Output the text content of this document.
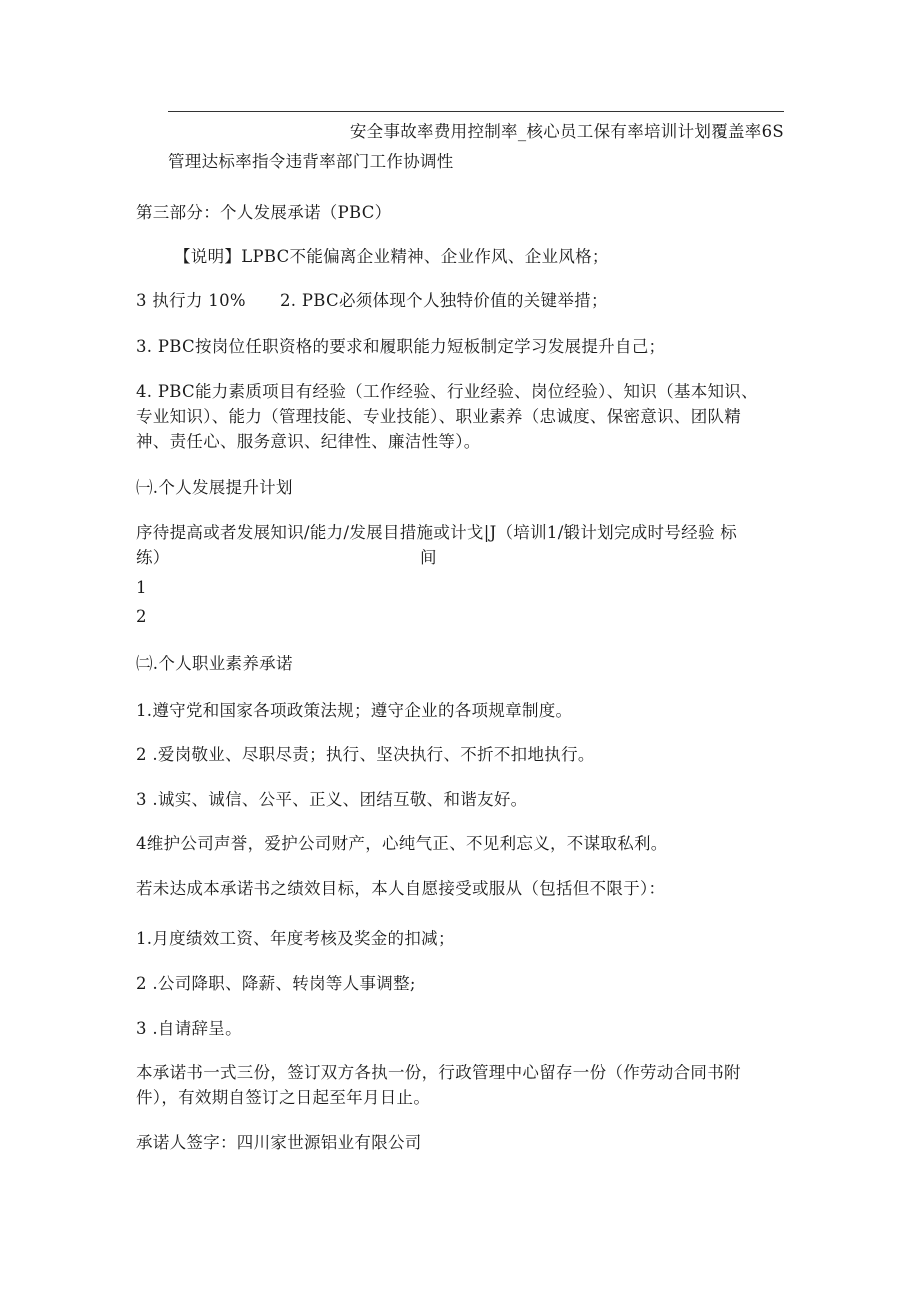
安全事故率费用控制率_核心员工保有率培训计划覆盖率6S
管理达标率指令违背率部门工作协调性
第三部分：个人发展承诺（PBC）
【说明】LPBC不能偏离企业精神、企业作风、企业风格；
3 执行力 10% 2. PBC必须体现个人独特价值的关键举措；
3. PBC按岗位任职资格的要求和履职能力短板制定学习发展提升自己；
4. PBC能力素质项目有经验（工作经验、行业经验、岗位经验）、知识（基本知识、
专业知识）、能力（管理技能、专业技能）、职业素养（忠诚度、保密意识、团队精
神、责任心、服务意识、纪律性、廉洁性等）。
㈠.个人发展提升计划
序待提高或者发展知识/能力/发展目措施或计戈|J（培训1/锻计划完成时号经验 标
练）	间
1
2
㈡.个人职业素养承诺
1.遵守党和国家各项政策法规；遵守企业的各项规章制度。
2 .爱岗敬业、尽职尽责；执行、坚决执行、不折不扣地执行。
3 .诚实、诚信、公平、正义、团结互敬、和谐友好。
4维护公司声誉，爱护公司财产，心纯气正、不见利忘义，不谋取私利。
若未达成本承诺书之绩效目标，本人自愿接受或服从（包括但不限于）：
1.月度绩效工资、年度考核及奖金的扣减；
2 .公司降职、降薪、转岗等人事调整;
3 .自请辞呈。
本承诺书一式三份，签订双方各执一份，行政管理中心留存一份（作劳动合同书附
件），有效期自签订之日起至年月日止。
承诺人签字：四川家世源铝业有限公司
